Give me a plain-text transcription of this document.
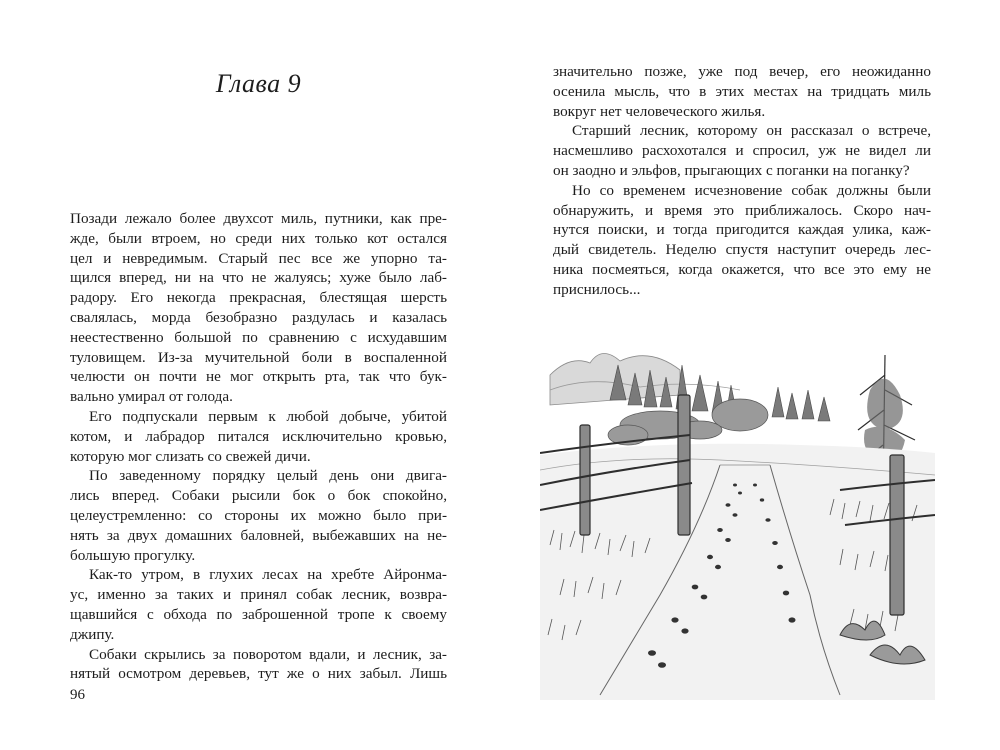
Глава 9
Позади лежало более двухсот миль, путники, как пре-
жде, были втроем, но среди них только кот остался
цел и невредимым. Старый пес все же упорно та-
щился вперед, ни на что не жалуясь; хуже было лаб-
радору. Его некогда прекрасная, блестящая шерсть
свалялась, морда безобразно раздулась и казалась
неестественно большой по сравнению с исхудавшим
туловищем. Из-за мучительной боли в воспаленной
челюсти он почти не мог открыть рта, так что бук-
вально умирал от голода.
Его подпускали первым к любой добыче, убитой
котом, и лабрадор питался исключительно кровью,
которую мог слизать со свежей дичи.
По заведенному порядку целый день они двига-
лись вперед. Собаки рысили бок о бок спокойно,
целеустремленно: со стороны их можно было при-
нять за двух домашних баловней, выбежавших на не-
большую прогулку.
Как-то утром, в глухих лесах на хребте Айронма-
ус, именно за таких и принял собак лесник, возвра-
щавшийся с обхода по заброшенной тропе к своему
джипу.
Собаки скрылись за поворотом вдали, и лесник, за-
нятый осмотром деревьев, тут же о них забыл. Лишь
96
значительно позже, уже под вечер, его неожиданно
осенила мысль, что в этих местах на тридцать миль
вокруг нет человеческого жилья.
Старший лесник, которому он рассказал о встрече,
насмешливо расхохотался и спросил, уж не видел ли
он заодно и эльфов, прыгающих с поганки на поганку?
Но со временем исчезновение собак должны были
обнаружить, и время это приближалось. Скоро нач-
нутся поиски, и тогда пригодится каждая улика, каж-
дый свидетель. Неделю спустя наступит очередь лес-
ника посмеяться, когда окажется, что все это ему не
приснилось...
